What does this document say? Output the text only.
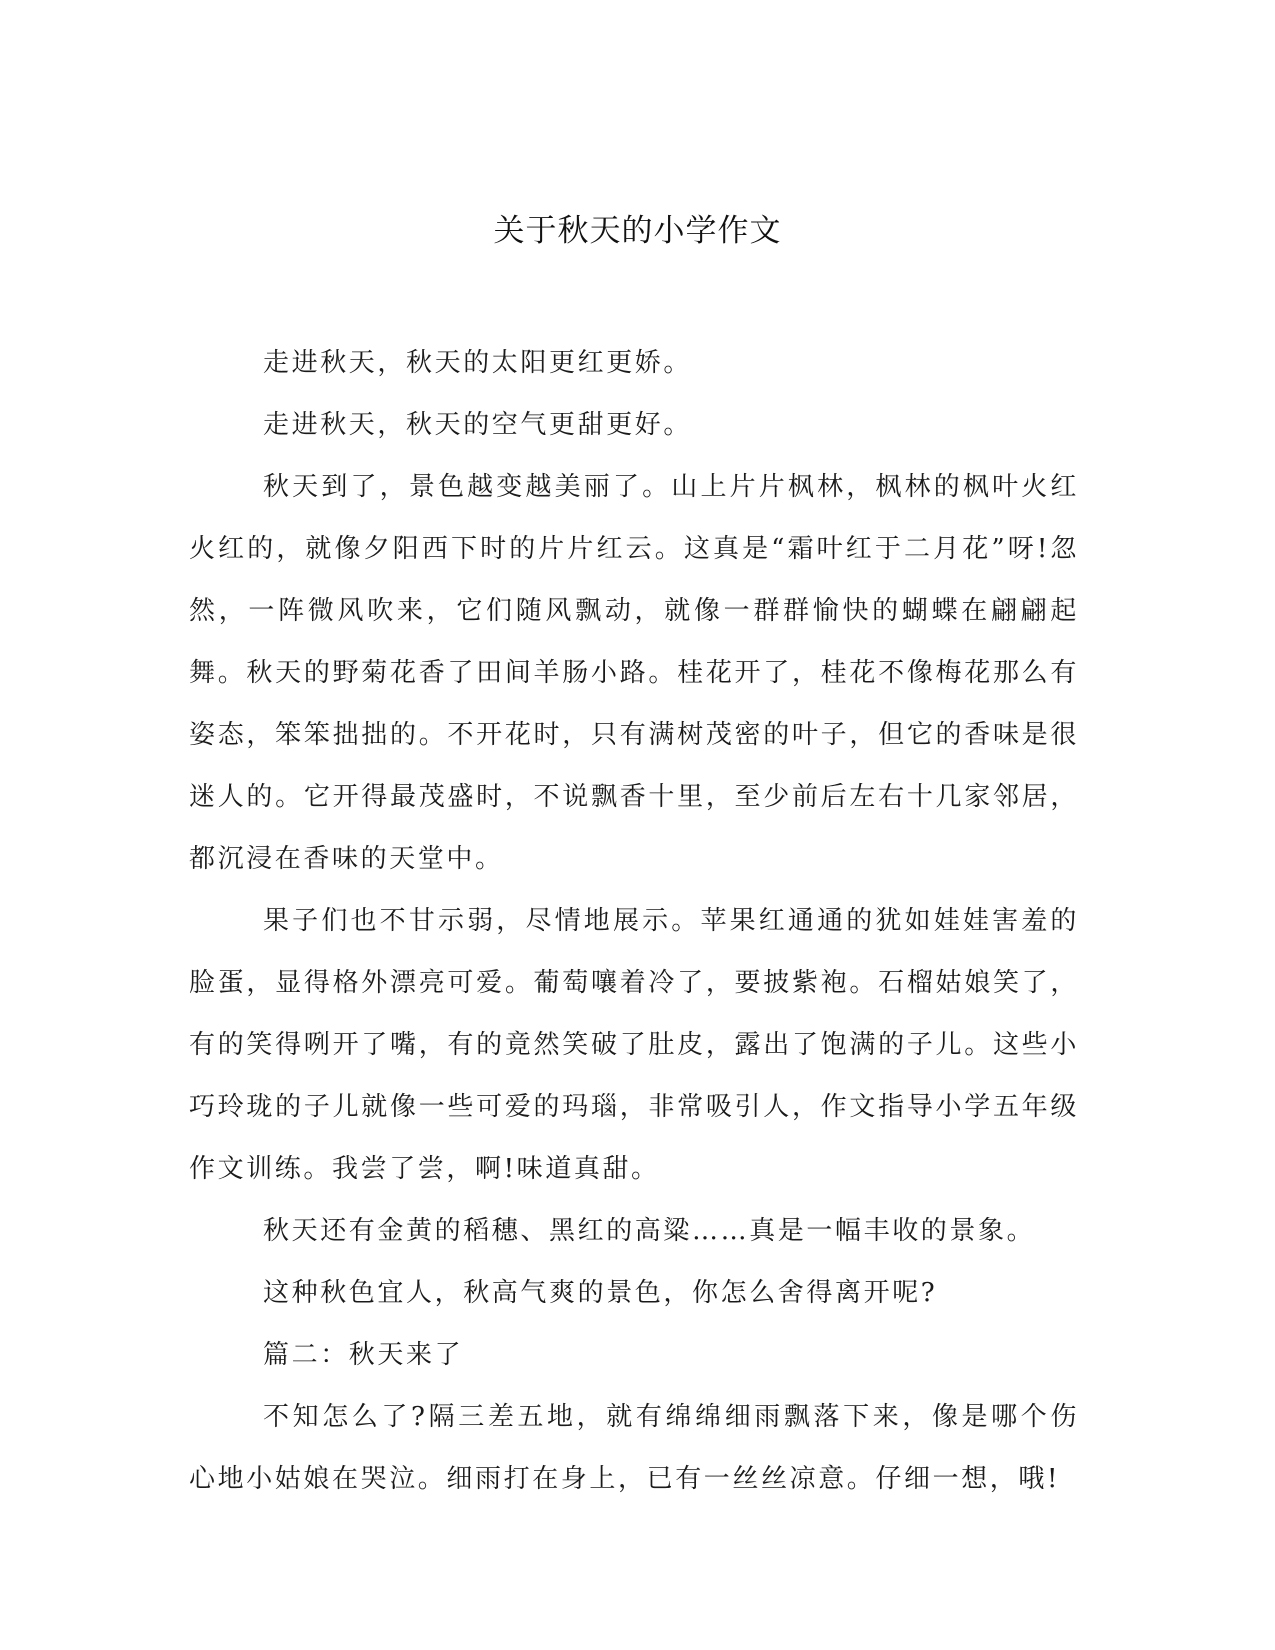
关于秋天的小学作文

走进秋天，秋天的太阳更红更娇。

走进秋天，秋天的空气更甜更好。

秋天到了，景色越变越美丽了。山上片片枫林，枫林的枫叶火红火红的，就像夕阳西下时的片片红云。这真是“霜叶红于二月花”呀!忽然，一阵微风吹来，它们随风飘动，就像一群群愉快的蝴蝶在翩翩起舞。秋天的野菊花香了田间羊肠小路。桂花开了，桂花不像梅花那么有姿态，笨笨拙拙的。不开花时，只有满树茂密的叶子，但它的香味是很迷人的。它开得最茂盛时，不说飘香十里，至少前后左右十几家邻居，都沉浸在香味的天堂中。

果子们也不甘示弱，尽情地展示。苹果红通通的犹如娃娃害羞的脸蛋，显得格外漂亮可爱。葡萄嚷着冷了，要披紫袍。石榴姑娘笑了，有的笑得咧开了嘴，有的竟然笑破了肚皮，露出了饱满的子儿。这些小巧玲珑的子儿就像一些可爱的玛瑙，非常吸引人，作文指导小学五年级作文训练。我尝了尝，啊!味道真甜。

秋天还有金黄的稻穗、黑红的高粱……真是一幅丰收的景象。

这种秋色宜人，秋高气爽的景色，你怎么舍得离开呢?

篇二：秋天来了

不知怎么了?隔三差五地，就有绵绵细雨飘落下来，像是哪个伤心地小姑娘在哭泣。细雨打在身上，已有一丝丝凉意。仔细一想，哦!
